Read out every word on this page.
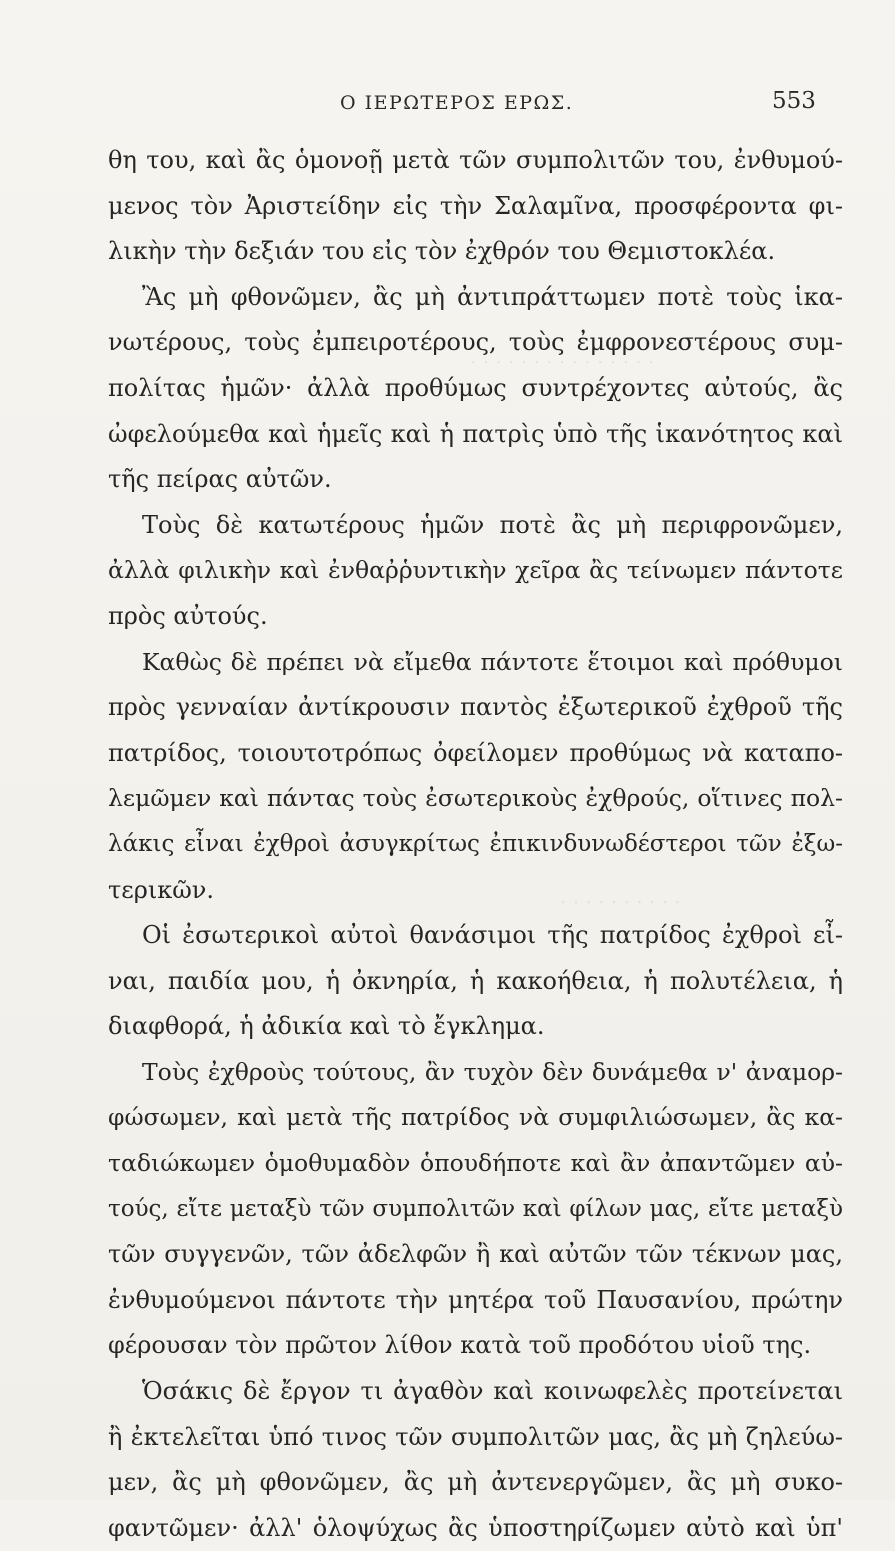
· · · · · · · · · · · · · · ·
· · · · · · · · · ·
Ο ΙΕΡΩΤΕΡΟΣ ΕΡΩΣ.	553
θη του, καὶ ἂς ὁμονοῇ μετὰ τῶν συμπολιτῶν του, ἐνθυμού-
μενος τὸν Ἀριστείδην εἰς τὴν Σαλαμῖνα, προσφέροντα φι-
λικὴν τὴν δεξιάν του εἰς τὸν ἐχθρόν του Θεμιστοκλέα.
Ἂς μὴ φθονῶμεν, ἂς μὴ ἀντιπράττωμεν ποτὲ τοὺς ἱκα-
νωτέρους, τοὺς ἐμπειροτέρους, τοὺς ἐμφρονεστέρους συμ-
πολίτας ἡμῶν· ἀλλὰ προθύμως συντρέχοντες αὐτούς, ἂς
ὠφελούμεθα καὶ ἡμεῖς καὶ ἡ πατρὶς ὑπὸ τῆς ἱκανότητος καὶ
τῆς πείρας αὐτῶν.
Τοὺς δὲ κατωτέρους ἡμῶν ποτὲ ἂς μὴ περιφρονῶμεν,
ἀλλὰ φιλικὴν καὶ ἐνθαῤῥυντικὴν χεῖρα ἂς τείνωμεν πάντοτε
πρὸς αὐτούς.
Καθὼς δὲ πρέπει νὰ εἴμεθα πάντοτε ἕτοιμοι καὶ πρόθυμοι
πρὸς γενναίαν ἀντίκρουσιν παντὸς ἐξωτερικοῦ ἐχθροῦ τῆς
πατρίδος, τοιουτοτρόπως ὀφείλομεν προθύμως νὰ καταπο-
λεμῶμεν καὶ πάντας τοὺς ἐσωτερικοὺς ἐχθρούς, οἵτινες πολ-
λάκις εἶναι ἐχθροὶ ἀσυγκρίτως ἐπικινδυνωδέστεροι τῶν ἐξω-
τερικῶν.
Οἱ ἐσωτερικοὶ αὐτοὶ θανάσιμοι τῆς πατρίδος ἐχθροὶ εἶ-
ναι, παιδία μου, ἡ ὀκνηρία, ἡ κακοήθεια, ἡ πολυτέλεια, ἡ
διαφθορά, ἡ ἀδικία καὶ τὸ ἔγκλημα.
Τοὺς ἐχθροὺς τούτους, ἂν τυχὸν δὲν δυνάμεθα ν' ἀναμορ-
φώσωμεν, καὶ μετὰ τῆς πατρίδος νὰ συμφιλιώσωμεν, ἂς κα-
ταδιώκωμεν ὁμοθυμαδὸν ὁπουδήποτε καὶ ἂν ἀπαντῶμεν αὐ-
τούς, εἴτε μεταξὺ τῶν συμπολιτῶν καὶ φίλων μας, εἴτε μεταξὺ
τῶν συγγενῶν, τῶν ἀδελφῶν ἢ καὶ αὐτῶν τῶν τέκνων μας,
ἐνθυμούμενοι πάντοτε τὴν μητέρα τοῦ Παυσανίου, πρώτην
φέρουσαν τὸν πρῶτον λίθον κατὰ τοῦ προδότου υἱοῦ της.
Ὁσάκις δὲ ἔργον τι ἀγαθὸν καὶ κοινωφελὲς προτείνεται
ἢ ἐκτελεῖται ὑπό τινος τῶν συμπολιτῶν μας, ἂς μὴ ζηλεύω-
μεν, ἂς μὴ φθονῶμεν, ἂς μὴ ἀντενεργῶμεν, ἂς μὴ συκο-
φαντῶμεν· ἀλλ' ὁλοψύχως ἂς ὑποστηρίζωμεν αὐτὸ καὶ ὑπ'
